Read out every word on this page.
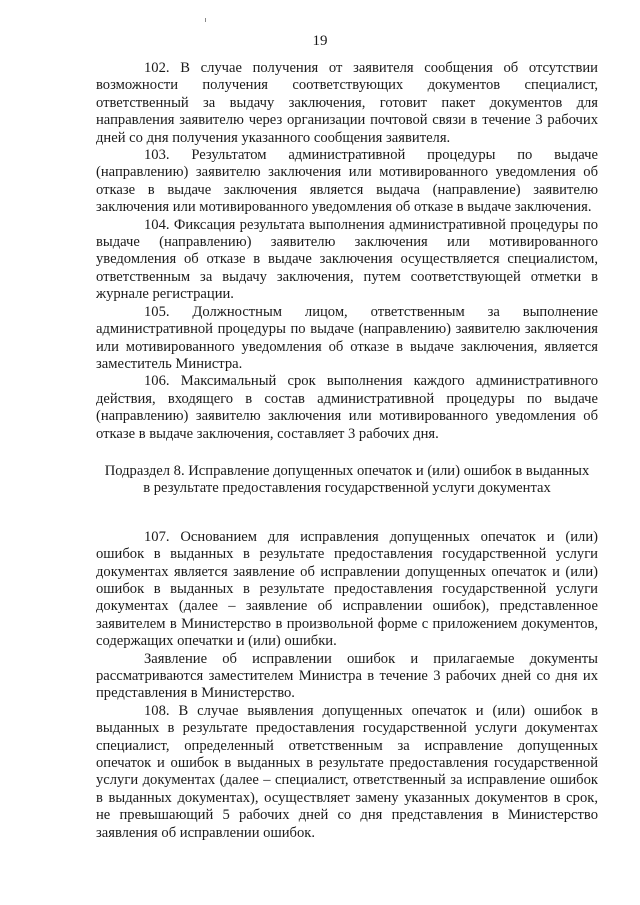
19

102. В случае получения от заявителя сообщения об отсутствии возможности получения соответствующих документов специалист, ответственный за выдачу заключения, готовит пакет документов для направления заявителю через организации почтовой связи в течение 3 рабочих дней со дня получения указанного сообщения заявителя.

103. Результатом административной процедуры по выдаче (направлению) заявителю заключения или мотивированного уведомления об отказе в выдаче заключения является выдача (направление) заявителю заключения или мотивированного уведомления об отказе в выдаче заключения.

104. Фиксация результата выполнения административной процедуры по выдаче (направлению) заявителю заключения или мотивированного уведомления об отказе в выдаче заключения осуществляется специалистом, ответственным за выдачу заключения, путем соответствующей отметки в журнале регистрации.

105. Должностным лицом, ответственным за выполнение административной процедуры по выдаче (направлению) заявителю заключения или мотивированного уведомления об отказе в выдаче заключения, является заместитель Министра.

106. Максимальный срок выполнения каждого административного действия, входящего в состав административной процедуры по выдаче (направлению) заявителю заключения или мотивированного уведомления об отказе в выдаче заключения, составляет 3 рабочих дня.

Подраздел 8. Исправление допущенных опечаток и (или) ошибок в выданных
в результате предоставления государственной услуги документах

107. Основанием для исправления допущенных опечаток и (или) ошибок в выданных в результате предоставления государственной услуги документах является заявление об исправлении допущенных опечаток и (или) ошибок в выданных в результате предоставления государственной услуги документах (далее – заявление об исправлении ошибок), представленное заявителем в Министерство в произвольной форме с приложением документов, содержащих опечатки и (или) ошибки.

Заявление об исправлении ошибок и прилагаемые документы рассматриваются заместителем Министра в течение 3 рабочих дней со дня их представления в Министерство.

108. В случае выявления допущенных опечаток и (или) ошибок в выданных в результате предоставления государственной услуги документах специалист, определенный ответственным за исправление допущенных опечаток и ошибок в выданных в результате предоставления государственной услуги документах (далее – специалист, ответственный за исправление ошибок в выданных документах), осуществляет замену указанных документов в срок, не превышающий 5 рабочих дней со дня представления в Министерство заявления об исправлении ошибок.
